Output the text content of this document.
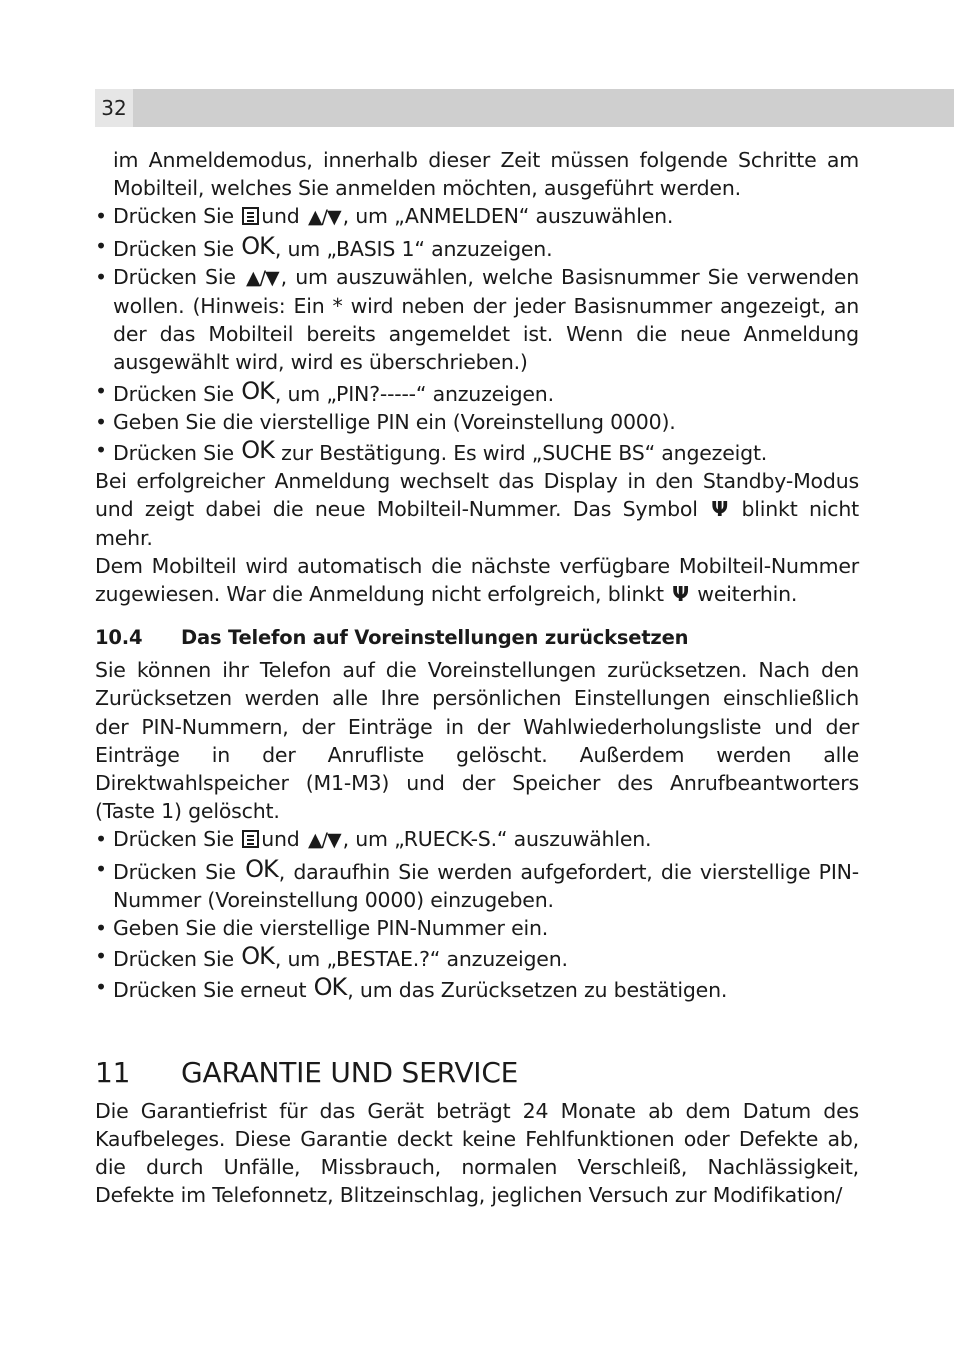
32

im Anmeldemodus, innerhalb dieser Zeit müssen folgende Schritte am Mobilteil, welches Sie anmelden möchten, ausgeführt werden.

• Drücken Sie und ▲/▼, um „ANMELDEN“ auszuwählen.

• Drücken Sie OK, um „BASIS 1“ anzuzeigen.

• Drücken Sie ▲/▼, um auszuwählen, welche Basisnummer Sie verwenden wollen. (Hinweis: Ein * wird neben der jeder Basisnummer angezeigt, an der das Mobilteil bereits angemeldet ist. Wenn die neue Anmeldung ausgewählt wird, wird es überschrieben.)

• Drücken Sie OK, um „PIN?-----“ anzuzeigen.

• Geben Sie die vierstellige PIN ein (Voreinstellung 0000).

• Drücken Sie OK zur Bestätigung. Es wird „SUCHE BS“ angezeigt.

Bei erfolgreicher Anmeldung wechselt das Display in den Standby-Modus und zeigt dabei die neue Mobilteil-Nummer. Das Symbol Ψ blinkt nicht mehr.

Dem Mobilteil wird automatisch die nächste verfügbare Mobilteil-Nummer zugewiesen. War die Anmeldung nicht erfolgreich, blinkt Ψ weiterhin.

10.4 Das Telefon auf Voreinstellungen zurücksetzen

Sie können ihr Telefon auf die Voreinstellungen zurücksetzen. Nach den Zurücksetzen werden alle Ihre persönlichen Einstellungen einschließlich der PIN-Nummern, der Einträge in der Wahlwiederholungsliste und der Einträge in der Anrufliste gelöscht. Außerdem werden alle Direktwahlspeicher (M1-M3) und der Speicher des Anrufbeantworters (Taste 1) gelöscht.

• Drücken Sie und ▲/▼, um „RUECK-S.“ auszuwählen.

• Drücken Sie OK, daraufhin Sie werden aufgefordert, die vierstellige PIN-Nummer (Voreinstellung 0000) einzugeben.

• Geben Sie die vierstellige PIN-Nummer ein.

• Drücken Sie OK, um „BESTAE.?“ anzuzeigen.

• Drücken Sie erneut OK, um das Zurücksetzen zu bestätigen.

11 GARANTIE UND SERVICE

Die Garantiefrist für das Gerät beträgt 24 Monate ab dem Datum des Kaufbeleges. Diese Garantie deckt keine Fehlfunktionen oder Defekte ab, die durch Unfälle, Missbrauch, normalen Verschleiß, Nachlässigkeit, Defekte im Telefonnetz, Blitzeinschlag, jeglichen Versuch zur Modifikation/
